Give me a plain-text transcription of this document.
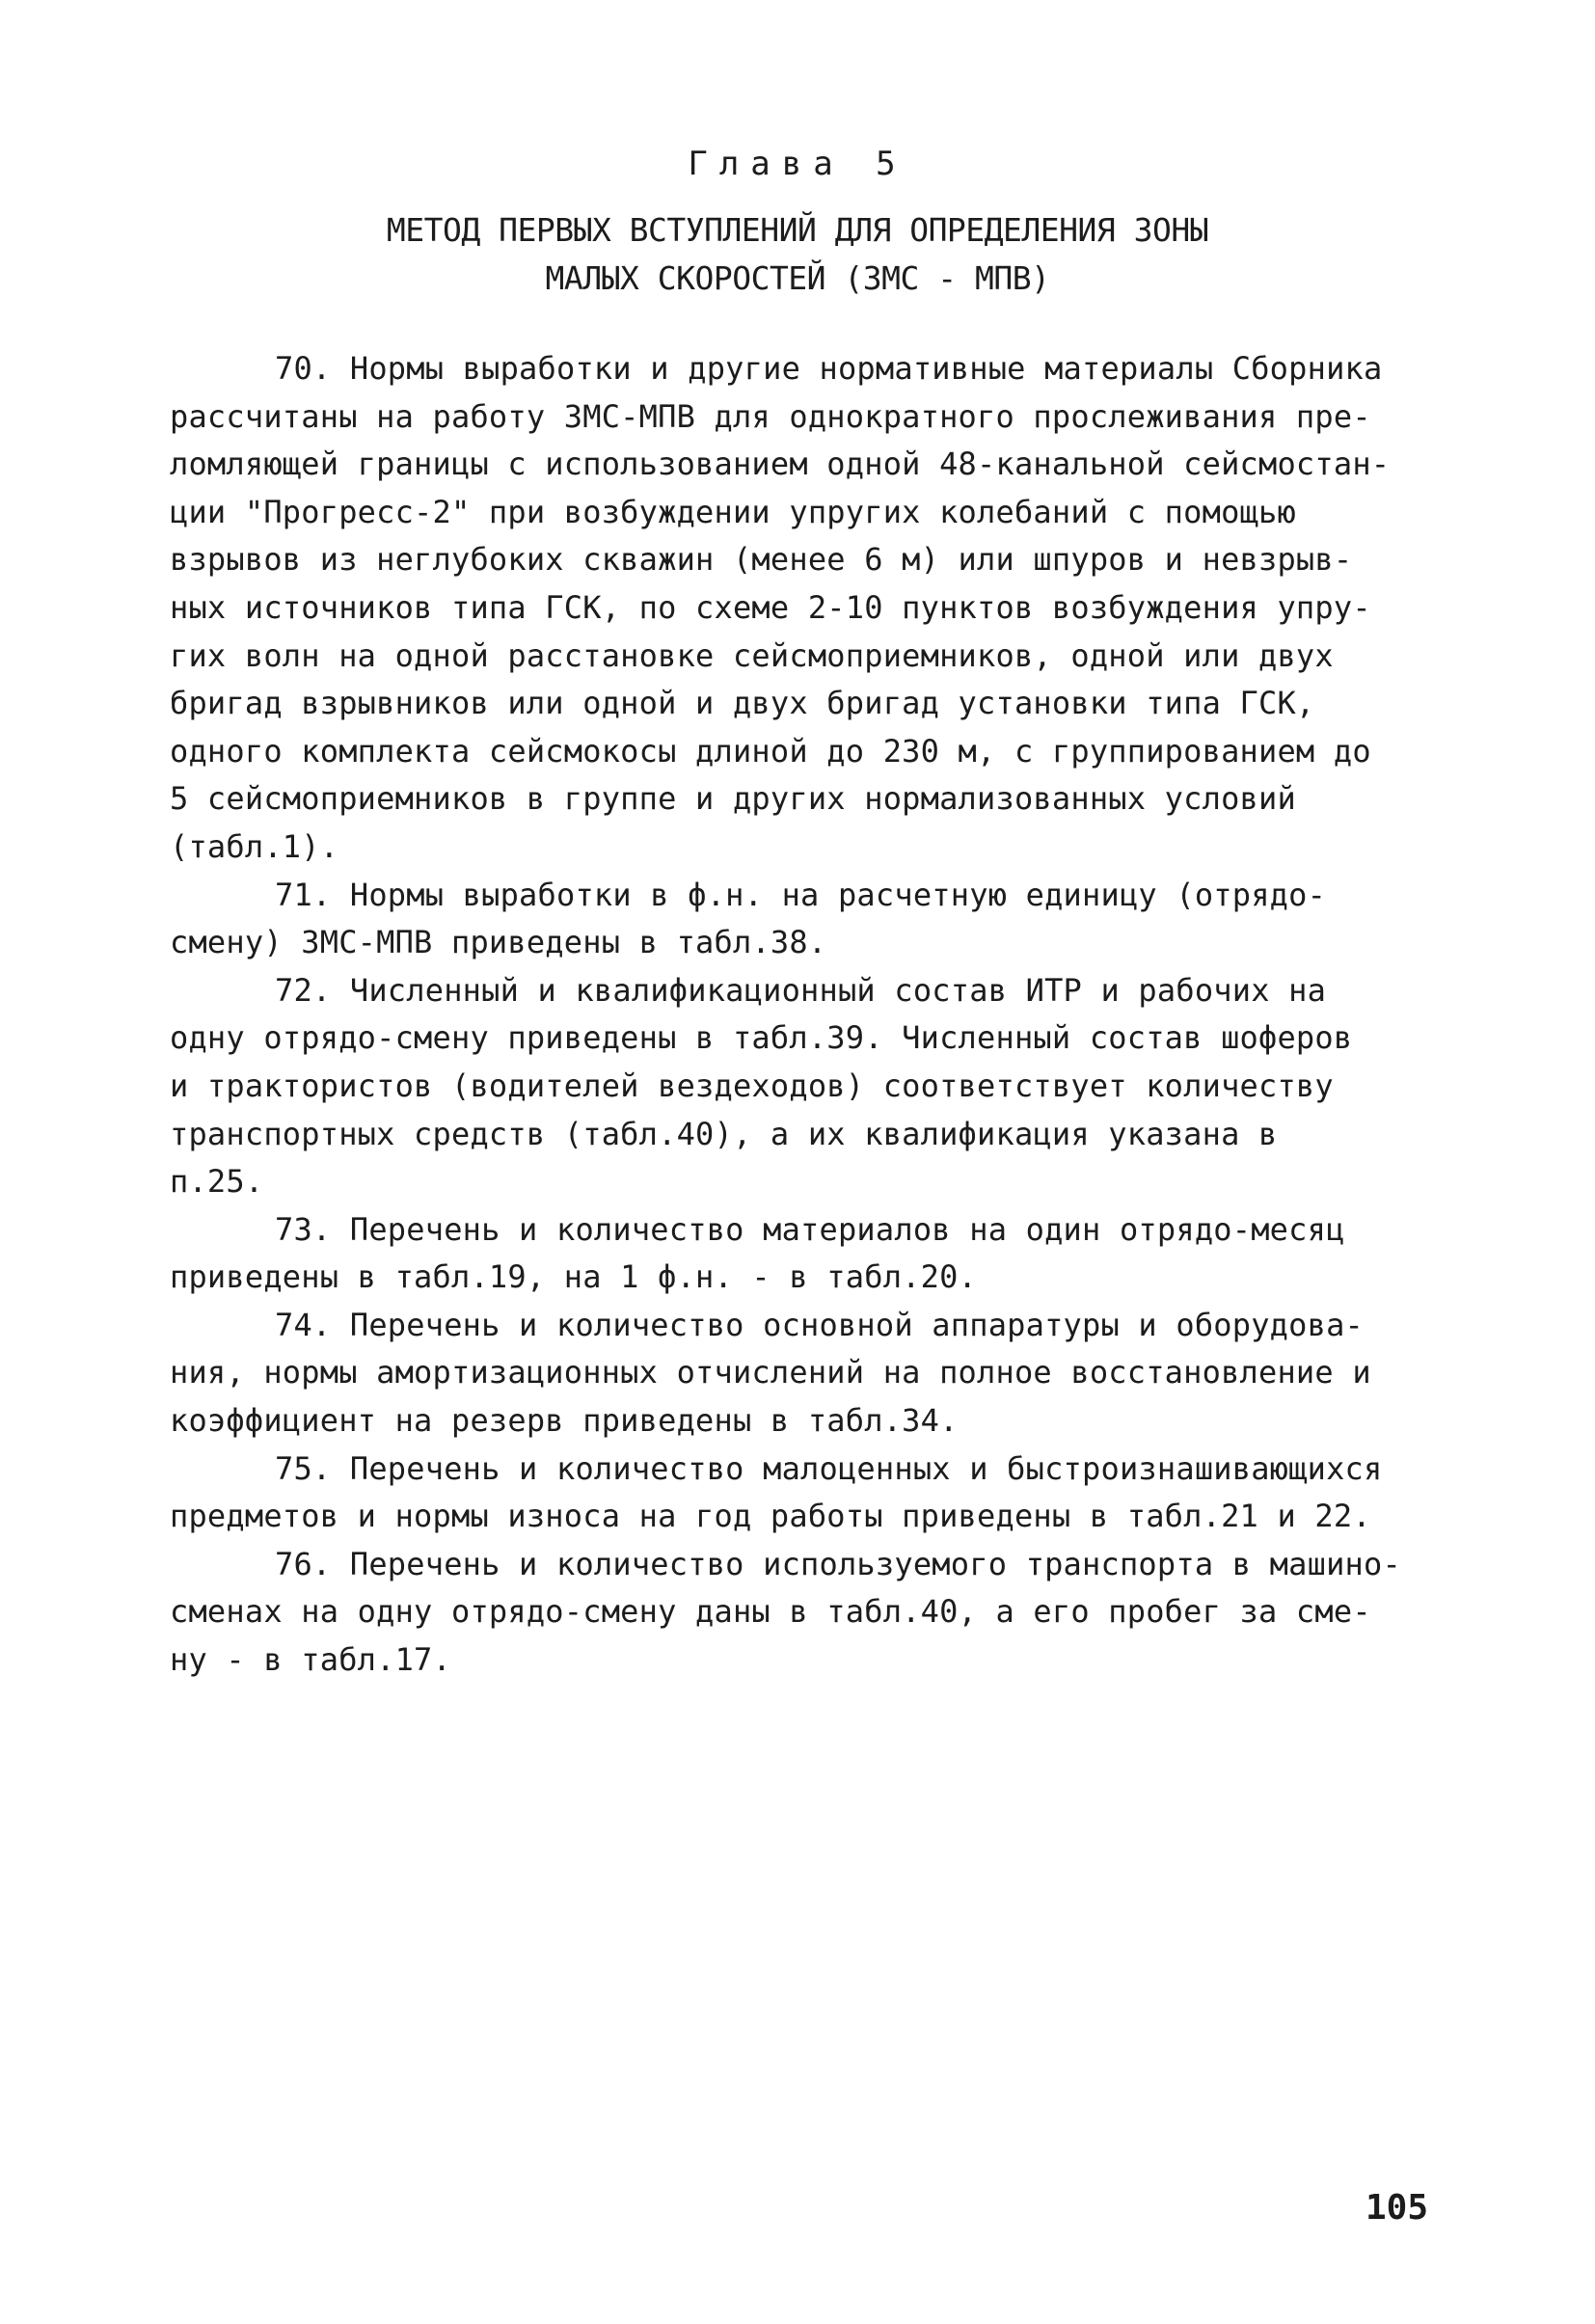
Глава 5
МЕТОД ПЕРВЫХ ВСТУПЛЕНИЙ ДЛЯ ОПРЕДЕЛЕНИЯ ЗОНЫ
МАЛЫХ СКОРОСТЕЙ (ЗМС - МПВ)
70. Нормы выработки и другие нормативные материалы Сборника
рассчитаны на работу ЗМС-МПВ для однократного прослеживания пре-
ломляющей границы с использованием одной 48-канальной сейсмостан-
ции "Прогресс-2" при возбуждении упругих колебаний с помощью
взрывов из неглубоких скважин (менее 6 м) или шпуров и невзрыв-
ных источников типа ГСК, по схеме 2-10 пунктов возбуждения упру-
гих волн на одной расстановке сейсмоприемников, одной или двух
бригад взрывников или одной и двух бригад установки типа ГСК,
одного комплекта сейсмокосы длиной до 230 м, с группированием до
5 сейсмоприемников в группе и других нормализованных условий
(табл.1).
71. Нормы выработки в ф.н. на расчетную единицу (отрядо-
смену) ЗМС-МПВ приведены в табл.38.
72. Численный и квалификационный состав ИТР и рабочих на
одну отрядо-смену приведены в табл.39. Численный состав шоферов
и трактористов (водителей вездеходов) соответствует количеству
транспортных средств (табл.40), а их квалификация указана в
п.25.
73. Перечень и количество материалов на один отрядо-месяц
приведены в табл.19, на 1 ф.н. - в табл.20.
74. Перечень и количество основной аппаратуры и оборудова-
ния, нормы амортизационных отчислений на полное восстановление и
коэффициент на резерв приведены в табл.34.
75. Перечень и количество малоценных и быстроизнашивающихся
предметов и нормы износа на год работы приведены в табл.21 и 22.
76. Перечень и количество используемого транспорта в машино-
сменах на одну отрядо-смену даны в табл.40, а его пробег за сме-
ну - в табл.17.
105
